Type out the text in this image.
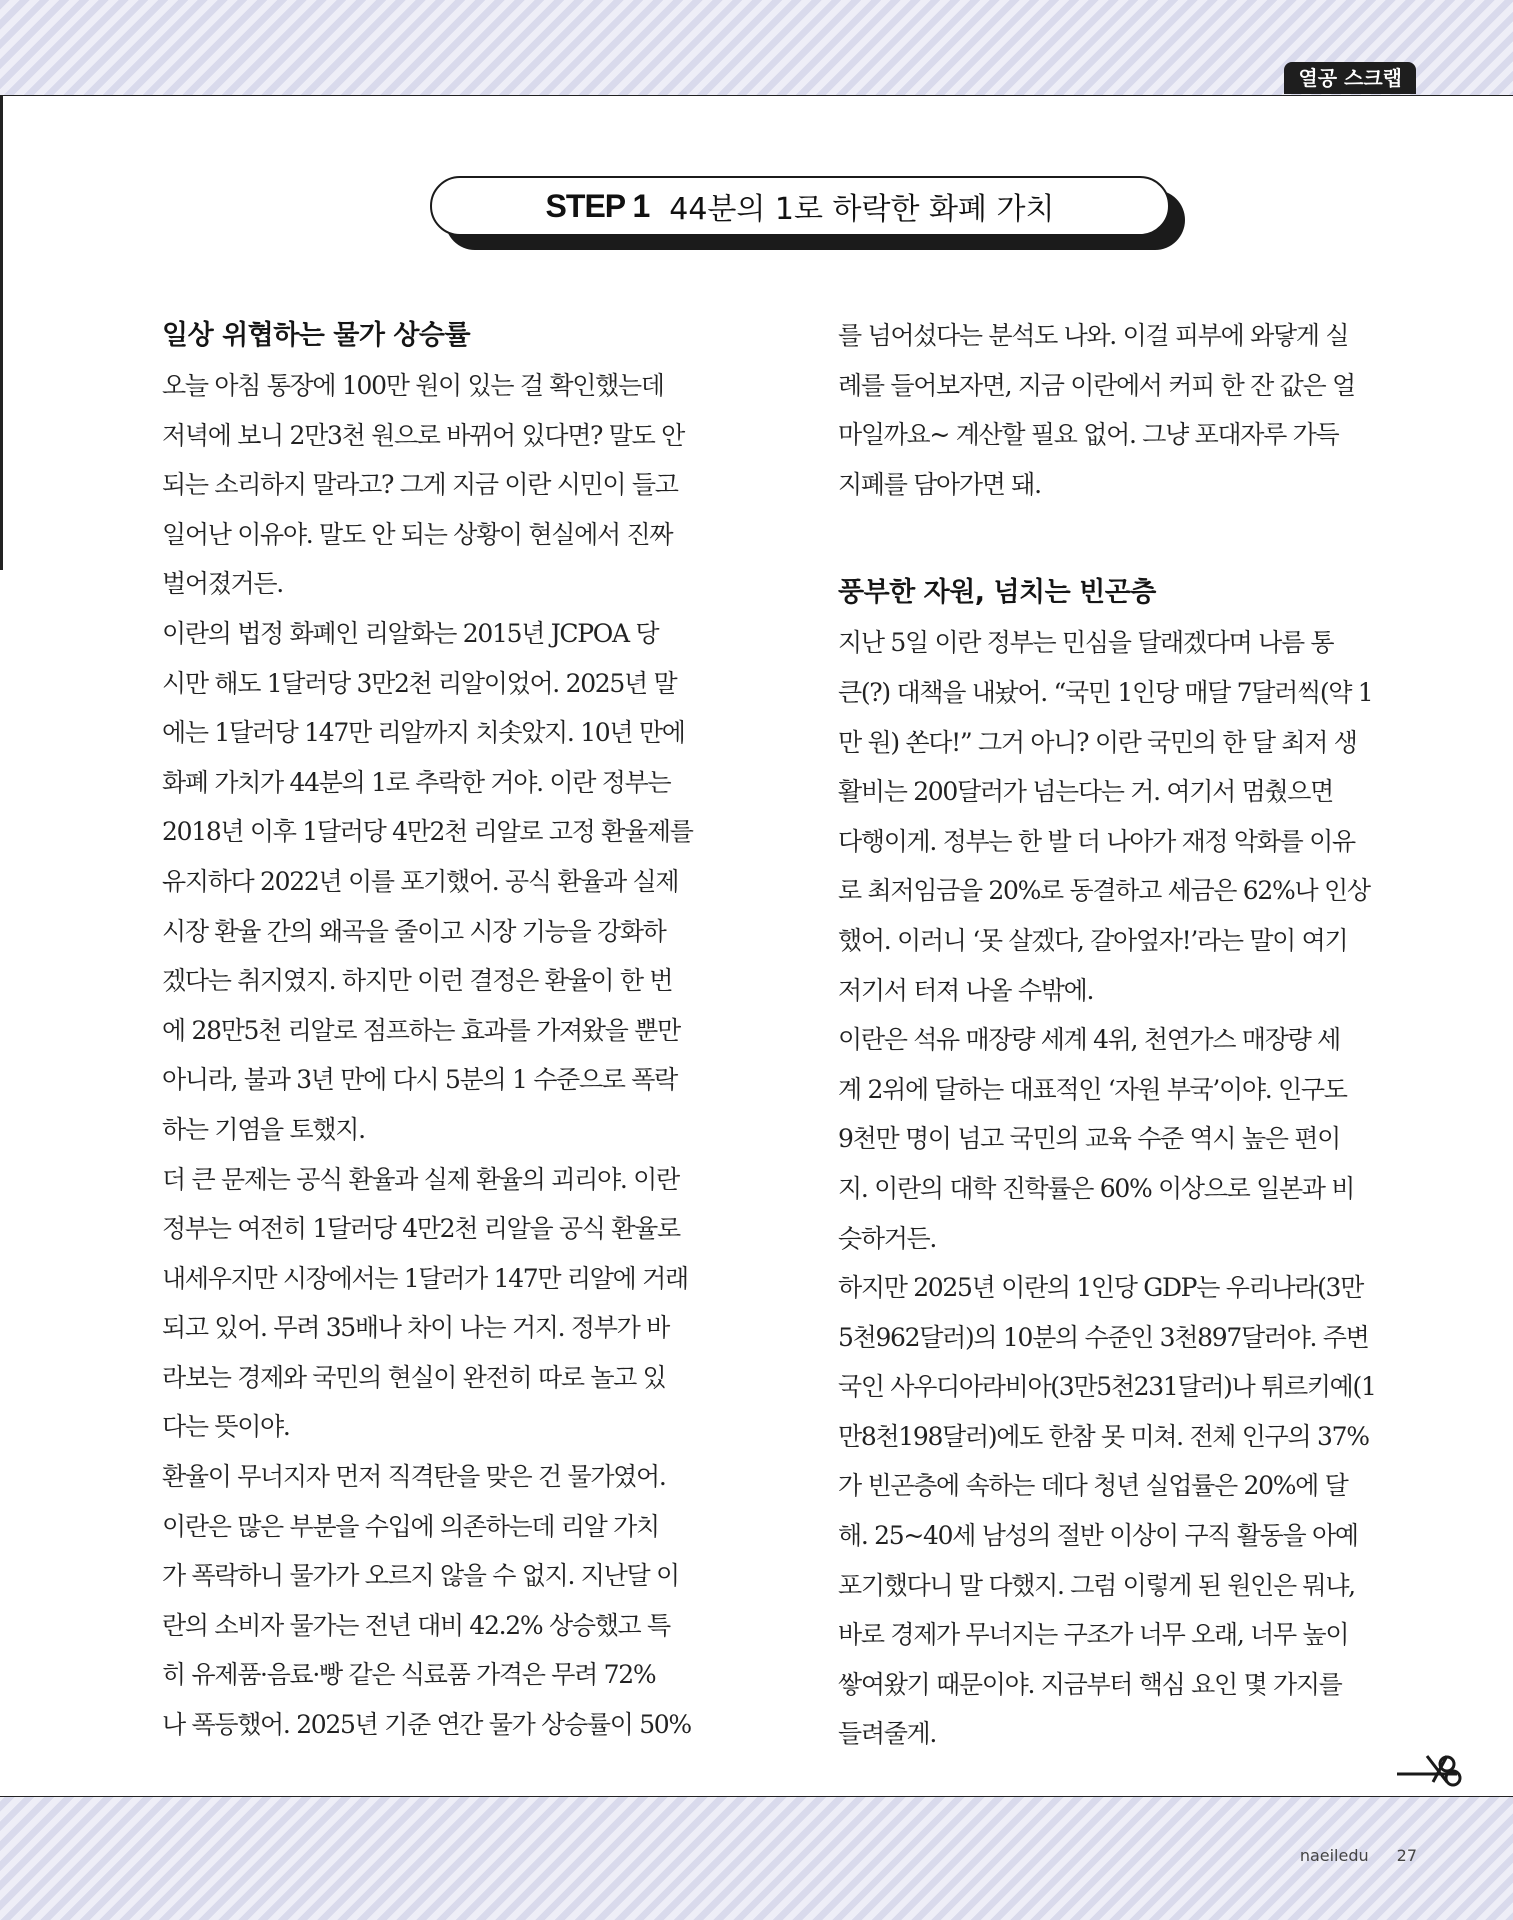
열공 스크랩
STEP 1 44분의 1로 하락한 화폐 가치
일상 위협하는 물가 상승률
오늘 아침 통장에 100만 원이 있는 걸 확인했는데
저녁에 보니 2만3천 원으로 바뀌어 있다면? 말도 안
되는 소리하지 말라고? 그게 지금 이란 시민이 들고
일어난 이유야. 말도 안 되는 상황이 현실에서 진짜
벌어졌거든.
이란의 법정 화폐인 리알화는 2015년 JCPOA 당
시만 해도 1달러당 3만2천 리알이었어. 2025년 말
에는 1달러당 147만 리알까지 치솟았지. 10년 만에
화폐 가치가 44분의 1로 추락한 거야. 이란 정부는
2018년 이후 1달러당 4만2천 리알로 고정 환율제를
유지하다 2022년 이를 포기했어. 공식 환율과 실제
시장 환율 간의 왜곡을 줄이고 시장 기능을 강화하
겠다는 취지였지. 하지만 이런 결정은 환율이 한 번
에 28만5천 리알로 점프하는 효과를 가져왔을 뿐만
아니라, 불과 3년 만에 다시 5분의 1 수준으로 폭락
하는 기염을 토했지.
더 큰 문제는 공식 환율과 실제 환율의 괴리야. 이란
정부는 여전히 1달러당 4만2천 리알을 공식 환율로
내세우지만 시장에서는 1달러가 147만 리알에 거래
되고 있어. 무려 35배나 차이 나는 거지. 정부가 바
라보는 경제와 국민의 현실이 완전히 따로 놀고 있
다는 뜻이야.
환율이 무너지자 먼저 직격탄을 맞은 건 물가였어.
이란은 많은 부분을 수입에 의존하는데 리알 가치
가 폭락하니 물가가 오르지 않을 수 없지. 지난달 이
란의 소비자 물가는 전년 대비 42.2% 상승했고 특
히 유제품·음료·빵 같은 식료품 가격은 무려 72%
나 폭등했어. 2025년 기준 연간 물가 상승률이 50%
를 넘어섰다는 분석도 나와. 이걸 피부에 와닿게 실
례를 들어보자면, 지금 이란에서 커피 한 잔 값은 얼
마일까요~ 계산할 필요 없어. 그냥 포대자루 가득
지폐를 담아가면 돼.
풍부한 자원, 넘치는 빈곤층
지난 5일 이란 정부는 민심을 달래겠다며 나름 통
큰(?) 대책을 내놨어. “국민 1인당 매달 7달러씩(약 1
만 원) 쏜다!” 그거 아니? 이란 국민의 한 달 최저 생
활비는 200달러가 넘는다는 거. 여기서 멈췄으면
다행이게. 정부는 한 발 더 나아가 재정 악화를 이유
로 최저임금을 20%로 동결하고 세금은 62%나 인상
했어. 이러니 ‘못 살겠다, 갈아엎자!’라는 말이 여기
저기서 터져 나올 수밖에.
이란은 석유 매장량 세계 4위, 천연가스 매장량 세
계 2위에 달하는 대표적인 ‘자원 부국’이야. 인구도
9천만 명이 넘고 국민의 교육 수준 역시 높은 편이
지. 이란의 대학 진학률은 60% 이상으로 일본과 비
슷하거든.
하지만 2025년 이란의 1인당 GDP는 우리나라(3만
5천962달러)의 10분의 수준인 3천897달러야. 주변
국인 사우디아라비아(3만5천231달러)나 튀르키예(1
만8천198달러)에도 한참 못 미쳐. 전체 인구의 37%
가 빈곤층에 속하는 데다 청년 실업률은 20%에 달
해. 25~40세 남성의 절반 이상이 구직 활동을 아예
포기했다니 말 다했지. 그럼 이렇게 된 원인은 뭐냐,
바로 경제가 무너지는 구조가 너무 오래, 너무 높이
쌓여왔기 때문이야. 지금부터 핵심 요인 몇 가지를
들려줄게.
naeiledu 27
